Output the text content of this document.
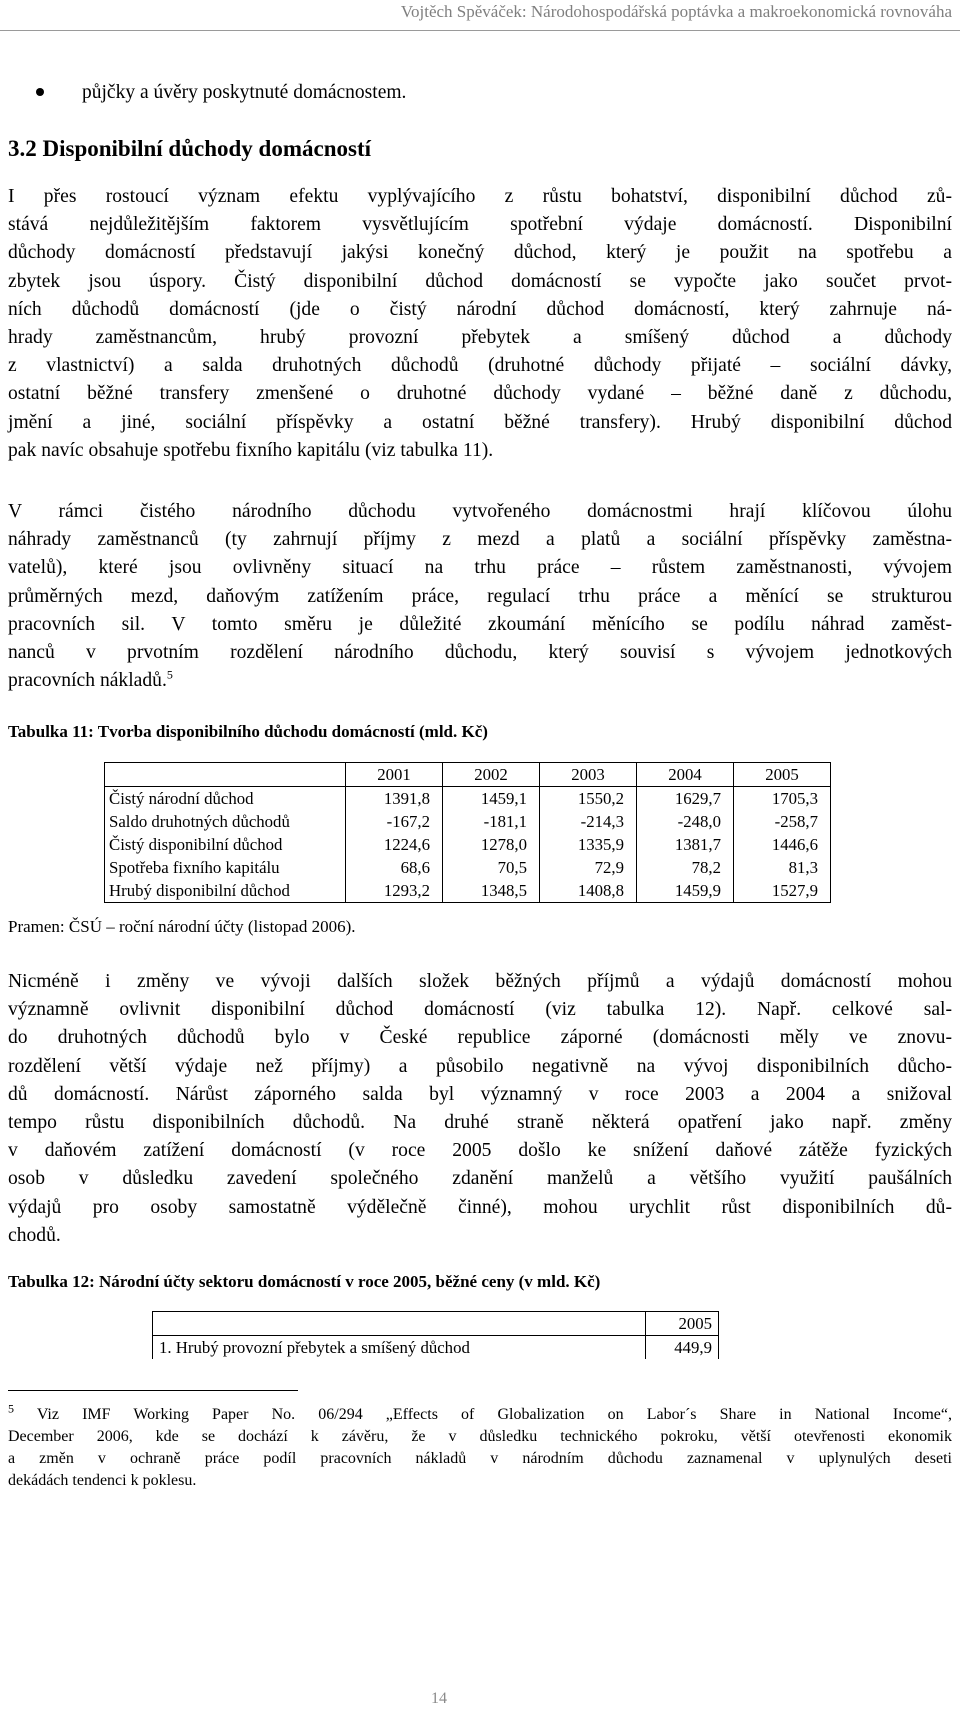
Vojtěch Spěváček: Národohospodářská poptávka a makroekonomická rovnováha
půjčky a úvěry poskytnuté domácnostem.
3.2 Disponibilní důchody domácností
I přes rostoucí význam efektu vyplývajícího z růstu bohatství, disponibilní důchod zů-
stává nejdůležitějším faktorem vysvětlujícím spotřební výdaje domácností. Disponibilní
důchody domácností představují jakýsi konečný důchod, který je použit na spotřebu a
zbytek jsou úspory. Čistý disponibilní důchod domácností se vypočte jako součet prvot-
ních důchodů domácností (jde o čistý národní důchod domácností, který zahrnuje ná-
hrady zaměstnancům, hrubý provozní přebytek a smíšený důchod a důchody
z vlastnictví) a salda druhotných důchodů (druhotné důchody přijaté – sociální dávky,
ostatní běžné transfery zmenšené o druhotné důchody vydané – běžné daně z důchodu,
jmění a jiné, sociální příspěvky a ostatní běžné transfery). Hrubý disponibilní důchod
pak navíc obsahuje spotřebu fixního kapitálu (viz tabulka 11).
V rámci čistého národního důchodu vytvořeného domácnostmi hrají klíčovou úlohu
náhrady zaměstnanců (ty zahrnují příjmy z mezd a platů a sociální příspěvky zaměstna-
vatelů), které jsou ovlivněny situací na trhu práce – růstem zaměstnanosti, vývojem
průměrných mezd, daňovým zatížením práce, regulací trhu práce a měnící se strukturou
pracovních sil. V tomto směru je důležité zkoumání měnícího se podílu náhrad zaměst-
nanců v prvotním rozdělení národního důchodu, který souvisí s vývojem jednotkových
pracovních nákladů.$^5$
Tabulka 11: Tvorba disponibilního důchodu domácností (mld. Kč)
	2001	2002	2003	2004	2005
Čistý národní důchod	1391,8	1459,1	1550,2	1629,7	1705,3
Saldo druhotných důchodů	-167,2	-181,1	-214,3	-248,0	-258,7
Čistý disponibilní důchod	1224,6	1278,0	1335,9	1381,7	1446,6
Spotřeba fixního kapitálu	68,6	70,5	72,9	78,2	81,3
Hrubý disponibilní důchod	1293,2	1348,5	1408,8	1459,9	1527,9
Pramen: ČSÚ – roční národní účty (listopad 2006).
Nicméně i změny ve vývoji dalších složek běžných příjmů a výdajů domácností mohou
významně ovlivnit disponibilní důchod domácností (viz tabulka 12). Např. celkové sal-
do druhotných důchodů bylo v České republice záporné (domácnosti měly ve znovu-
rozdělení větší výdaje než příjmy) a působilo negativně na vývoj disponibilních důcho-
dů domácností. Nárůst záporného salda byl významný v roce 2003 a 2004 a snižoval
tempo růstu disponibilních důchodů. Na druhé straně některá opatření jako např. změny
v daňovém zatížení domácností (v roce 2005 došlo ke snížení daňové zátěže fyzických
osob v důsledku zavedení společného zdanění manželů a většího využití paušálních
výdajů pro osoby samostatně výdělečně činné), mohou urychlit růst disponibilních dů-
chodů.
Tabulka 12: Národní účty sektoru domácností v roce 2005, běžné ceny (v mld. Kč)
	2005
1. Hrubý provozní přebytek a smíšený důchod	449,9
$^5$ Viz IMF Working Paper No. 06/294 „Effects of Globalization on Labor´s Share in National Income“,
December 2006, kde se dochází k závěru, že v důsledku technického pokroku, větší otevřenosti ekonomik
a změn v ochraně práce podíl pracovních nákladů v národním důchodu zaznamenal v uplynulých deseti
dekádách tendenci k poklesu.
14
